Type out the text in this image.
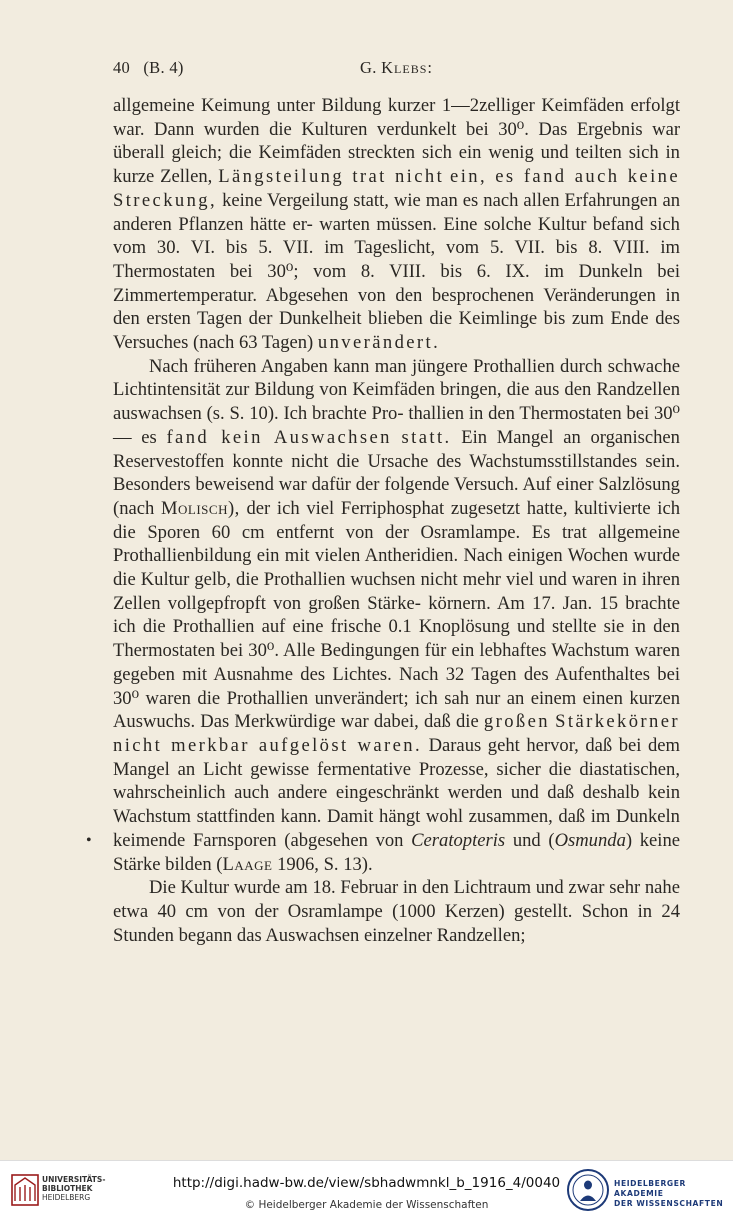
40 (B. 4)	G. Klebs:
•

allgemeine Keimung unter Bildung kurzer 1—2zelliger Keimfäden erfolgt war. Dann wurden die Kulturen verdunkelt bei 30⁰. Das Ergebnis war überall gleich; die Keimfäden streckten sich ein wenig und teilten sich in kurze Zellen, Längsteilung trat nicht ein, es fand auch keine Streckung, keine Vergeilung statt, wie man es nach allen Erfahrungen an anderen Pflanzen hätte er- warten müssen. Eine solche Kultur befand sich vom 30. VI. bis 5. VII. im Tageslicht, vom 5. VII. bis 8. VIII. im Thermostaten bei 30⁰; vom 8. VIII. bis 6. IX. im Dunkeln bei Zimmertemperatur. Abgesehen von den besprochenen Veränderungen in den ersten Tagen der Dunkelheit blieben die Keimlinge bis zum Ende des Versuches (nach 63 Tagen) unverändert.

Nach früheren Angaben kann man jüngere Prothallien durch schwache Lichtintensität zur Bildung von Keimfäden bringen, die aus den Randzellen auswachsen (s. S. 10). Ich brachte Pro- thallien in den Thermostaten bei 30⁰ — es fand kein Auswachsen statt. Ein Mangel an organischen Reservestoffen konnte nicht die Ursache des Wachstumsstillstandes sein. Besonders beweisend war dafür der folgende Versuch. Auf einer Salzlösung (nach Molisch), der ich viel Ferriphosphat zugesetzt hatte, kultivierte ich die Sporen 60 cm entfernt von der Osramlampe. Es trat allgemeine Prothallienbildung ein mit vielen Antheridien. Nach einigen Wochen wurde die Kultur gelb, die Prothallien wuchsen nicht mehr viel und waren in ihren Zellen vollgepfropft von großen Stärke- körnern. Am 17. Jan. 15 brachte ich die Prothallien auf eine frische 0.1 Knoplösung und stellte sie in den Thermostaten bei 30⁰. Alle Bedingungen für ein lebhaftes Wachstum waren gegeben mit Ausnahme des Lichtes. Nach 32 Tagen des Aufenthaltes bei 30⁰ waren die Prothallien unverändert; ich sah nur an einem einen kurzen Auswuchs. Das Merkwürdige war dabei, daß die großen Stärkekörner nicht merkbar aufgelöst waren. Daraus geht hervor, daß bei dem Mangel an Licht gewisse fermentative Prozesse, sicher die diastatischen, wahrscheinlich auch andere eingeschränkt werden und daß deshalb kein Wachstum stattfinden kann. Damit hängt wohl zusammen, daß im Dunkeln keimende Farnsporen (abgesehen von Ceratopteris und (Osmunda) keine Stärke bilden (Laage 1906, S. 13).

Die Kultur wurde am 18. Februar in den Lichtraum und zwar sehr nahe etwa 40 cm von der Osramlampe (1000 Kerzen) gestellt. Schon in 24 Stunden begann das Auswachsen einzelner Randzellen;

UNIVERSITÄTS-
BIBLIOTHEK
HEIDELBERG
http://digi.hadw-bw.de/view/sbhadwmnkl_b_1916_4/0040
© Heidelberger Akademie der Wissenschaften
HEIDELBERGER AKADEMIE
DER WISSENSCHAFTEN
